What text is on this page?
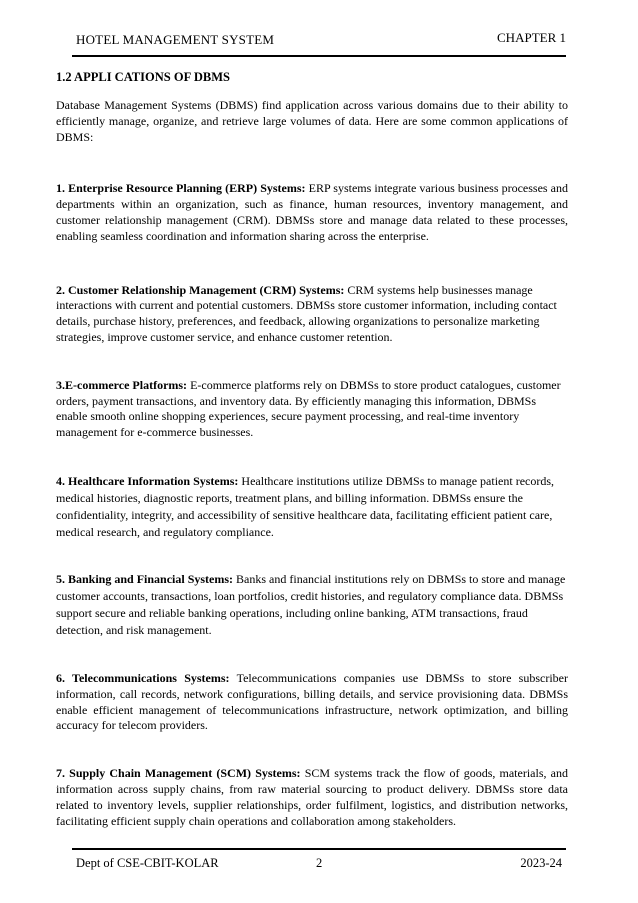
HOTEL MANAGEMENT SYSTEM	CHAPTER 1
1.2 APPLI CATIONS OF DBMS

Database Management Systems (DBMS) find application across various domains due to their ability to efficiently manage, organize, and retrieve large volumes of data. Here are some common applications of DBMS:

1. Enterprise Resource Planning (ERP) Systems: ERP systems integrate various business processes and departments within an organization, such as finance, human resources, inventory management, and customer relationship management (CRM). DBMSs store and manage data related to these processes, enabling seamless coordination and information sharing across the enterprise.

2. Customer Relationship Management (CRM) Systems: CRM systems help businesses manage interactions with current and potential customers. DBMSs store customer information, including contact details, purchase history, preferences, and feedback, allowing organizations to personalize marketing strategies, improve customer service, and enhance customer retention.

3.E-commerce Platforms: E-commerce platforms rely on DBMSs to store product catalogues, customer orders, payment transactions, and inventory data. By efficiently managing this information, DBMSs enable smooth online shopping experiences, secure payment processing, and real-time inventory management for e-commerce businesses.

4. Healthcare Information Systems: Healthcare institutions utilize DBMSs to manage patient records, medical histories, diagnostic reports, treatment plans, and billing information. DBMSs ensure the confidentiality, integrity, and accessibility of sensitive healthcare data, facilitating efficient patient care, medical research, and regulatory compliance.

5. Banking and Financial Systems: Banks and financial institutions rely on DBMSs to store and manage customer accounts, transactions, loan portfolios, credit histories, and regulatory compliance data. DBMSs support secure and reliable banking operations, including online banking, ATM transactions, fraud detection, and risk management.

6. Telecommunications Systems: Telecommunications companies use DBMSs to store subscriber information, call records, network configurations, billing details, and service provisioning data. DBMSs enable efficient management of telecommunications infrastructure, network optimization, and billing accuracy for telecom providers.

7. Supply Chain Management (SCM) Systems: SCM systems track the flow of goods, materials, and information across supply chains, from raw material sourcing to product delivery. DBMSs store data related to inventory levels, supplier relationships, order fulfilment, logistics, and distribution networks, facilitating efficient supply chain operations and collaboration among stakeholders.

Dept of CSE-CBIT-KOLAR	2	2023-24
